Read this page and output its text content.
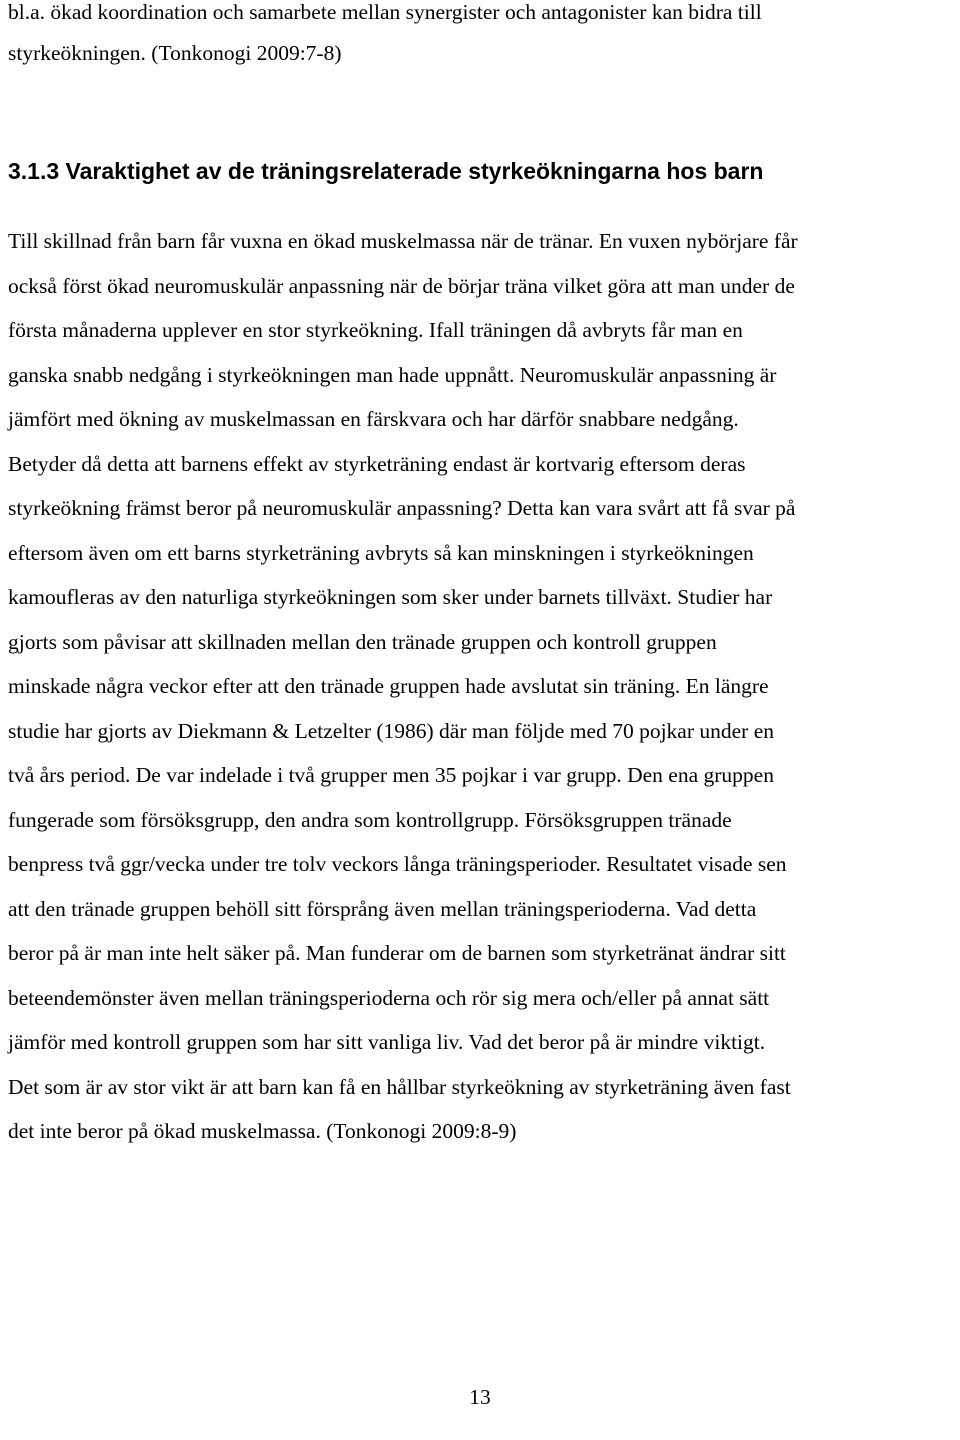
bl.a. ökad koordination och samarbete mellan synergister och antagonister kan bidra till
styrkeökningen. (Tonkonogi 2009:7-8)
3.1.3 Varaktighet av de träningsrelaterade styrkeökningarna hos barn
Till skillnad från barn får vuxna en ökad muskelmassa när de tränar. En vuxen nybörjare får
också först ökad neuromuskulär anpassning när de börjar träna vilket göra att man under de
första månaderna upplever en stor styrkeökning. Ifall träningen då avbryts får man en
ganska snabb nedgång i styrkeökningen man hade uppnått. Neuromuskulär anpassning är
jämfört med ökning av muskelmassan en färskvara och har därför snabbare nedgång.
Betyder då detta att barnens effekt av styrketräning endast är kortvarig eftersom deras
styrkeökning främst beror på neuromuskulär anpassning? Detta kan vara svårt att få svar på
eftersom även om ett barns styrketräning avbryts så kan minskningen i styrkeökningen
kamoufleras av den naturliga styrkeökningen som sker under barnets tillväxt. Studier har
gjorts som påvisar att skillnaden mellan den tränade gruppen och kontroll gruppen
minskade några veckor efter att den tränade gruppen hade avslutat sin träning. En längre
studie har gjorts av Diekmann & Letzelter (1986) där man följde med 70 pojkar under en
två års period. De var indelade i två grupper men 35 pojkar i var grupp. Den ena gruppen
fungerade som försöksgrupp, den andra som kontrollgrupp. Försöksgruppen tränade
benpress två ggr/vecka under tre tolv veckors långa träningsperioder. Resultatet visade sen
att den tränade gruppen behöll sitt försprång även mellan träningsperioderna. Vad detta
beror på är man inte helt säker på. Man funderar om de barnen som styrketränat ändrar sitt
beteendemönster även mellan träningsperioderna och rör sig mera och/eller på annat sätt
jämför med kontroll gruppen som har sitt vanliga liv. Vad det beror på är mindre viktigt.
Det som är av stor vikt är att barn kan få en hållbar styrkeökning av styrketräning även fast
det inte beror på ökad muskelmassa. (Tonkonogi 2009:8-9)
13
